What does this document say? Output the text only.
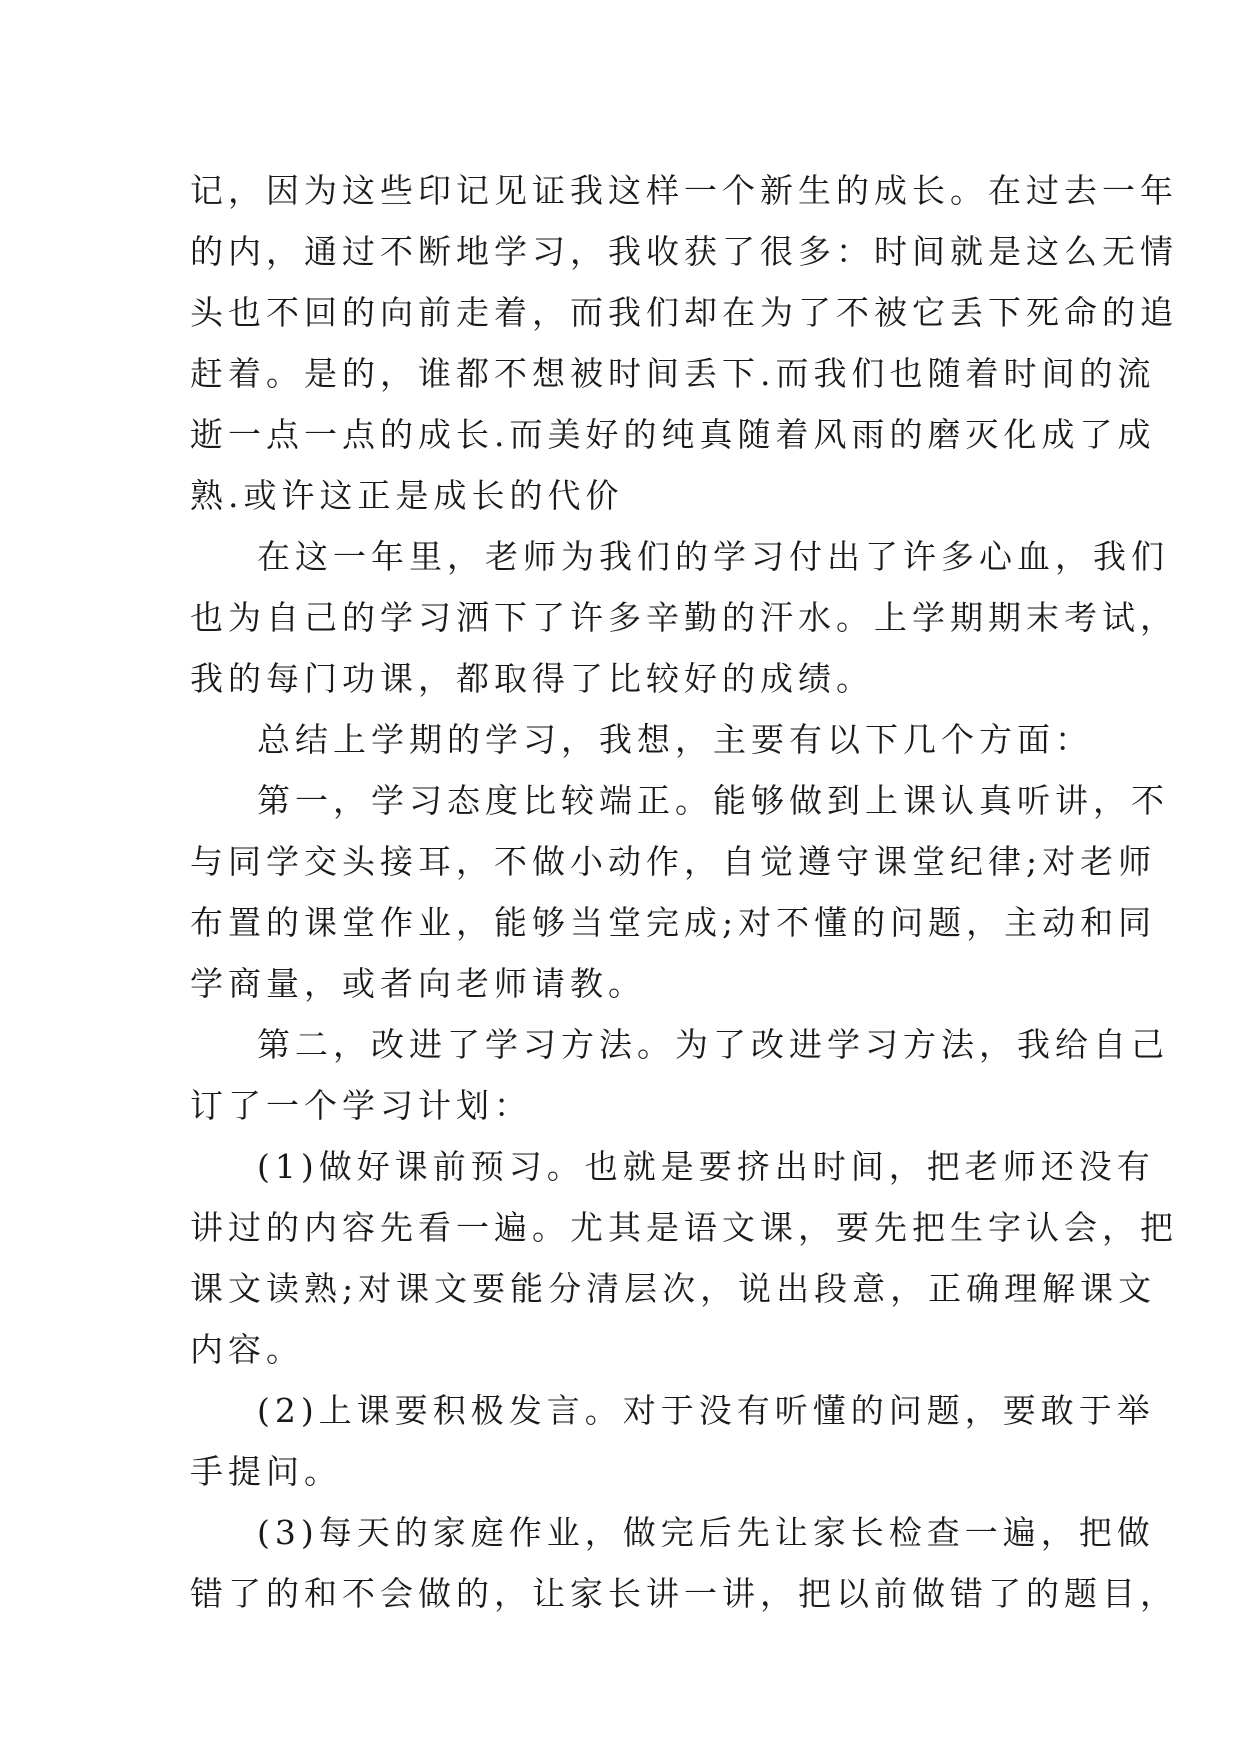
记，因为这些印记见证我这样一个新生的成长。在过去一年
的内，通过不断地学习，我收获了很多：时间就是这么无情
头也不回的向前走着，而我们却在为了不被它丢下死命的追
赶着。是的，谁都不想被时间丢下.而我们也随着时间的流
逝一点一点的成长.而美好的纯真随着风雨的磨灭化成了成
熟.或许这正是成长的代价
在这一年里，老师为我们的学习付出了许多心血，我们
也为自己的学习洒下了许多辛勤的汗水。上学期期末考试，
我的每门功课，都取得了比较好的成绩。
总结上学期的学习，我想，主要有以下几个方面：
第一，学习态度比较端正。能够做到上课认真听讲，不
与同学交头接耳，不做小动作，自觉遵守课堂纪律;对老师
布置的课堂作业，能够当堂完成;对不懂的问题，主动和同
学商量，或者向老师请教。
第二，改进了学习方法。为了改进学习方法，我给自己
订了一个学习计划：
(1)做好课前预习。也就是要挤出时间，把老师还没有
讲过的内容先看一遍。尤其是语文课，要先把生字认会，把
课文读熟;对课文要能分清层次，说出段意，正确理解课文
内容。
(2)上课要积极发言。对于没有听懂的问题，要敢于举
手提问。
(3)每天的家庭作业，做完后先让家长检查一遍，把做
错了的和不会做的，让家长讲一讲，把以前做错了的题目，
